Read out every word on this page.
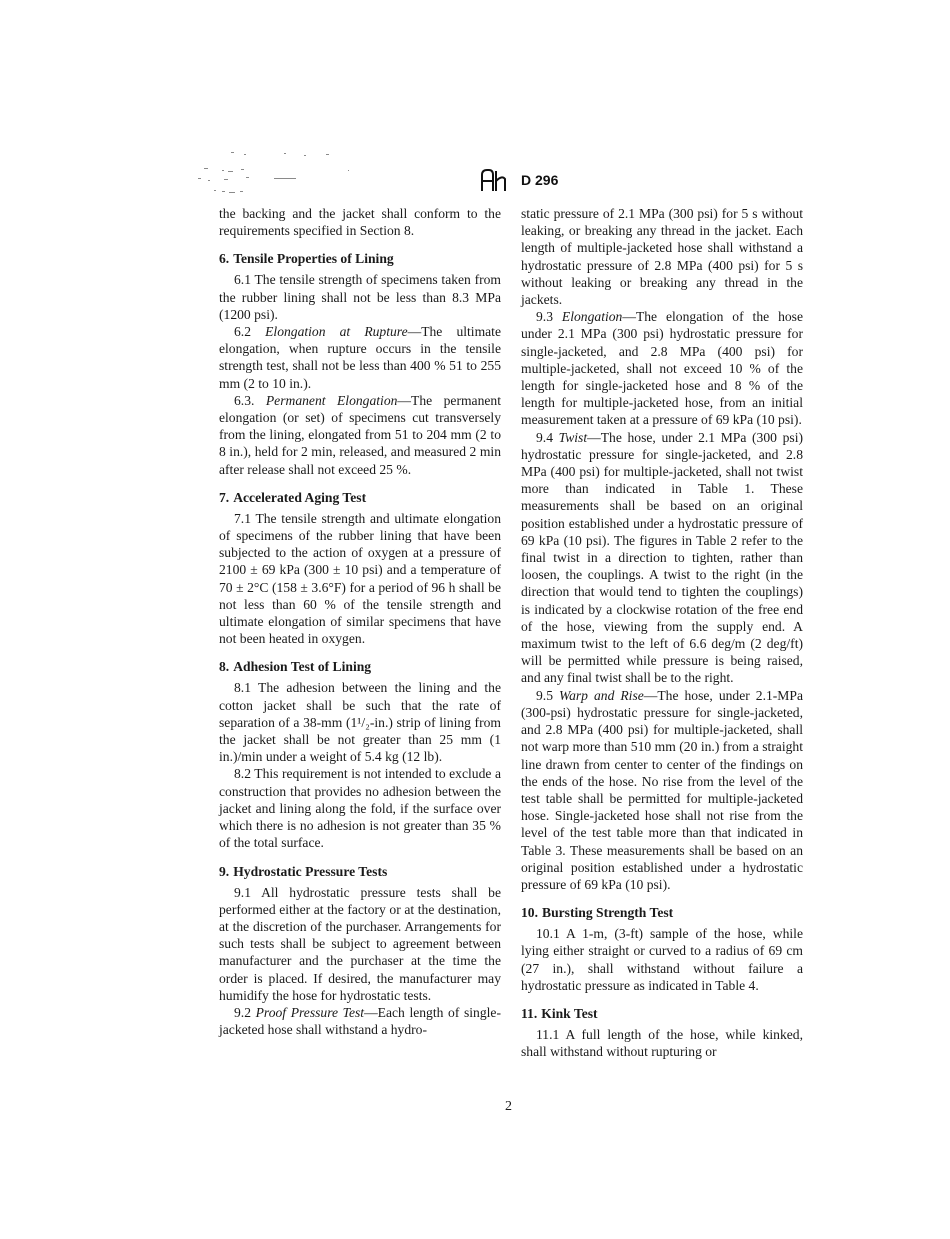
astm-logo
D 296

the backing and the jacket shall conform to the requirements specified in Section 8.

6. Tensile Properties of Lining

6.1 The tensile strength of specimens taken from the rubber lining shall not be less than 8.3 MPa (1200 psi).

6.2 Elongation at Rupture—The ultimate elongation, when rupture occurs in the tensile strength test, shall not be less than 400 % 51 to 255 mm (2 to 10 in.).

6.3. Permanent Elongation—The permanent elongation (or set) of specimens cut transversely from the lining, elongated from 51 to 204 mm (2 to 8 in.), held for 2 min, released, and measured 2 min after release shall not exceed 25 %.

7. Accelerated Aging Test

7.1 The tensile strength and ultimate elongation of specimens of the rubber lining that have been subjected to the action of oxygen at a pressure of 2100 ± 69 kPa (300 ± 10 psi) and a temperature of 70 ± 2°C (158 ± 3.6°F) for a period of 96 h shall be not less than 60 % of the tensile strength and ultimate elongation of similar specimens that have not been heated in oxygen.

8. Adhesion Test of Lining

8.1 The adhesion between the lining and the cotton jacket shall be such that the rate of separation of a 38-mm (1¹/₂-in.) strip of lining from the jacket shall be not greater than 25 mm (1 in.)/min under a weight of 5.4 kg (12 lb).

8.2 This requirement is not intended to exclude a construction that provides no adhesion between the jacket and lining along the fold, if the surface over which there is no adhesion is not greater than 35 % of the total surface.

9. Hydrostatic Pressure Tests

9.1 All hydrostatic pressure tests shall be performed either at the factory or at the destination, at the discretion of the purchaser. Arrangements for such tests shall be subject to agreement between manufacturer and the purchaser at the time the order is placed. If desired, the manufacturer may humidify the hose for hydrostatic tests.

9.2 Proof Pressure Test—Each length of single-jacketed hose shall withstand a hydro-

static pressure of 2.1 MPa (300 psi) for 5 s without leaking, or breaking any thread in the jacket. Each length of multiple-jacketed hose shall withstand a hydrostatic pressure of 2.8 MPa (400 psi) for 5 s without leaking or breaking any thread in the jackets.

9.3 Elongation—The elongation of the hose under 2.1 MPa (300 psi) hydrostatic pressure for single-jacketed, and 2.8 MPa (400 psi) for multiple-jacketed, shall not exceed 10 % of the length for single-jacketed hose and 8 % of the length for multiple-jacketed hose, from an initial measurement taken at a pressure of 69 kPa (10 psi).

9.4 Twist—The hose, under 2.1 MPa (300 psi) hydrostatic pressure for single-jacketed, and 2.8 MPa (400 psi) for multiple-jacketed, shall not twist more than indicated in Table 1. These measurements shall be based on an original position established under a hydrostatic pressure of 69 kPa (10 psi). The figures in Table 2 refer to the final twist in a direction to tighten, rather than loosen, the couplings. A twist to the right (in the direction that would tend to tighten the couplings) is indicated by a clockwise rotation of the free end of the hose, viewing from the supply end. A maximum twist to the left of 6.6 deg/m (2 deg/ft) will be permitted while pressure is being raised, and any final twist shall be to the right.

9.5 Warp and Rise—The hose, under 2.1-MPa (300-psi) hydrostatic pressure for single-jacketed, and 2.8 MPa (400 psi) for multiple-jacketed, shall not warp more than 510 mm (20 in.) from a straight line drawn from center to center of the findings on the ends of the hose. No rise from the level of the test table shall be permitted for multiple-jacketed hose. Single-jacketed hose shall not rise from the level of the test table more than that indicated in Table 3. These measurements shall be based on an original position established under a hydrostatic pressure of 69 kPa (10 psi).

10. Bursting Strength Test

10.1 A 1-m, (3-ft) sample of the hose, while lying either straight or curved to a radius of 69 cm (27 in.), shall withstand without failure a hydrostatic pressure as indicated in Table 4.

11. Kink Test

11.1 A full length of the hose, while kinked, shall withstand without rupturing or

2
